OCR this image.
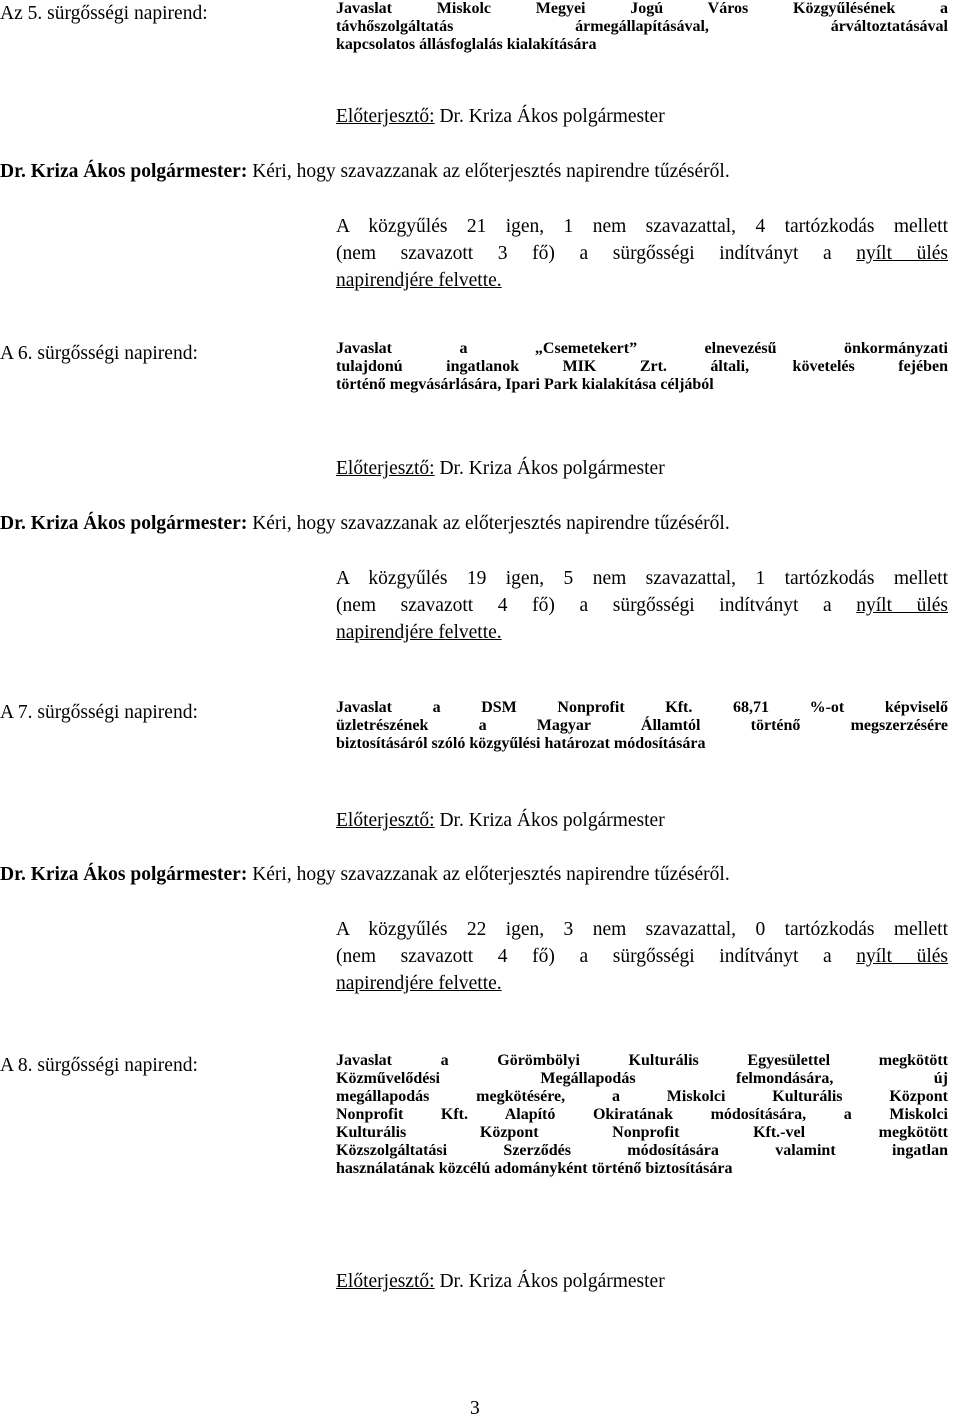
Az 5. sürgősségi napirend:	Javaslat Miskolc Megyei Jogú Város Közgyűlésének a
távhőszolgáltatás ármegállapításával, árváltoztatásával
kapcsolatos állásfoglalás kialakítására
Előterjesztő: Dr. Kriza Ákos polgármester
Dr. Kriza Ákos polgármester: Kéri, hogy szavazzanak az előterjesztés napirendre tűzéséről.
A közgyűlés 21 igen, 1 nem szavazattal, 4 tartózkodás mellett
(nem szavazott 3 fő) a sürgősségi indítványt a nyílt ülés
napirendjére felvette.
A 6. sürgősségi napirend:	Javaslat a „Csemetekert” elnevezésű önkormányzati
tulajdonú ingatlanok MIK Zrt. általi, követelés fejében
történő megvásárlására, Ipari Park kialakítása céljából
Előterjesztő: Dr. Kriza Ákos polgármester
Dr. Kriza Ákos polgármester: Kéri, hogy szavazzanak az előterjesztés napirendre tűzéséről.
A közgyűlés 19 igen, 5 nem szavazattal, 1 tartózkodás mellett
(nem szavazott 4 fő) a sürgősségi indítványt a nyílt ülés
napirendjére felvette.
A 7. sürgősségi napirend:	Javaslat a DSM Nonprofit Kft. 68,71 %-ot képviselő
üzletrészének a Magyar Államtól történő megszerzésére
biztosításáról szóló közgyűlési határozat módosítására
Előterjesztő: Dr. Kriza Ákos polgármester
Dr. Kriza Ákos polgármester: Kéri, hogy szavazzanak az előterjesztés napirendre tűzéséről.
A közgyűlés 22 igen, 3 nem szavazattal, 0 tartózkodás mellett
(nem szavazott 4 fő) a sürgősségi indítványt a nyílt ülés
napirendjére felvette.
A 8. sürgősségi napirend:	Javaslat a Görömbölyi Kulturális Egyesülettel megkötött
Közművelődési Megállapodás felmondására, új
megállapodás megkötésére, a Miskolci Kulturális Központ
Nonprofit Kft. Alapító Okiratának módosítására, a Miskolci
Kulturális Központ Nonprofit Kft.-vel megkötött
Közszolgáltatási Szerződés módosítására valamint ingatlan
használatának közcélú adományként történő biztosítására
Előterjesztő: Dr. Kriza Ákos polgármester
3
